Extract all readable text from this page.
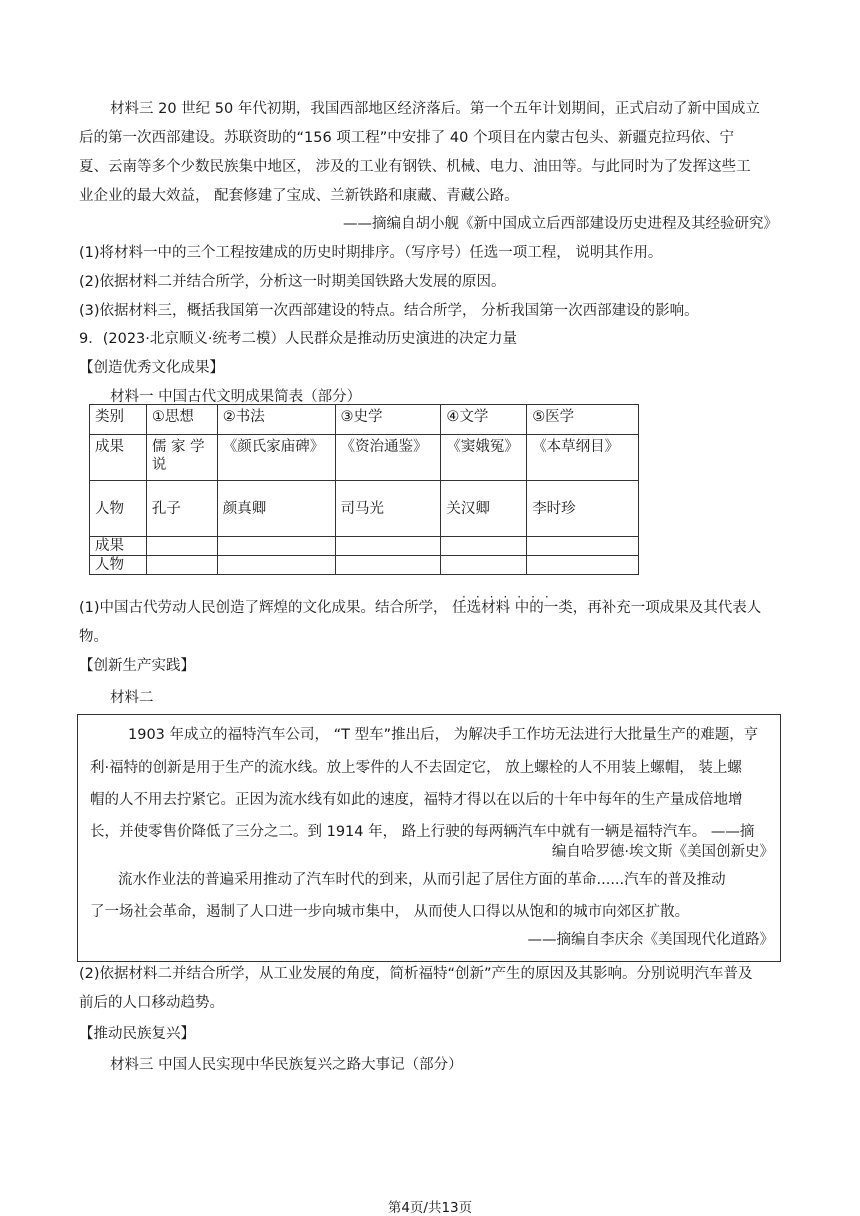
材料三 20 世纪 50 年代初期，我国西部地区经济落后。第一个五年计划期间，正式启动了新中国成立
后的第一次西部建设。苏联资助的“156 项工程”中安排了 40 个项目在内蒙古包头、新疆克拉玛依、宁
夏、云南等多个少数民族集中地区， 涉及的工业有钢铁、机械、电力、油田等。与此同时为了发挥这些工
业企业的最大效益， 配套修建了宝成、兰新铁路和康藏、青藏公路。
——摘编自胡小舰《新中国成立后西部建设历史进程及其经验研究》
(1)将材料一中的三个工程按建成的历史时期排序。（写序号）任选一项工程， 说明其作用。
(2)依据材料二并结合所学，分析这一时期美国铁路大发展的原因。
(3)依据材料三，概括我国第一次西部建设的特点。结合所学， 分析我国第一次西部建设的影响。
9．(2023·北京顺义·统考二模）人民群众是推动历史演进的决定力量
【创造优秀文化成果】
材料一 中国古代文明成果简表（部分）
类别	①思想	②书法	③史学	④文学	⑤医学
成果	儒 家 学说	《颜氏家庙碑》	《资治通鉴》	《窦娥冤》	《本草纲目》
人物	孔子	颜真卿	司马光	关汉卿	李时珍
成果					
人物					
·······
(1)中国古代劳动人民创造了辉煌的文化成果。结合所学， 任选材料 中的一类，再补充一项成果及其代表人
物。
【创新生产实践】
材料二
1903 年成立的福特汽车公司， “T 型车”推出后， 为解决手工作坊无法进行大批量生产的难题，亨
利·福特的创新是用于生产的流水线。放上零件的人不去固定它， 放上螺栓的人不用装上螺帽， 装上螺
帽的人不用去拧紧它。正因为流水线有如此的速度，福特才得以在以后的十年中每年的生产量成倍地增
长，并使零售价降低了三分之二。到 1914 年， 路上行驶的每两辆汽车中就有一辆是福特汽车。 ——摘
编自哈罗德·埃文斯《美国创新史》
流水作业法的普遍采用推动了汽车时代的到来，从而引起了居住方面的革命......汽车的普及推动
了一场社会革命，遏制了人口进一步向城市集中， 从而使人口得以从饱和的城市向郊区扩散。
——摘编自李庆余《美国现代化道路》
(2)依据材料二并结合所学，从工业发展的角度，简析福特“创新”产生的原因及其影响。分别说明汽车普及
前后的人口移动趋势。
【推动民族复兴】
材料三 中国人民实现中华民族复兴之路大事记（部分）
第4页/共13页
